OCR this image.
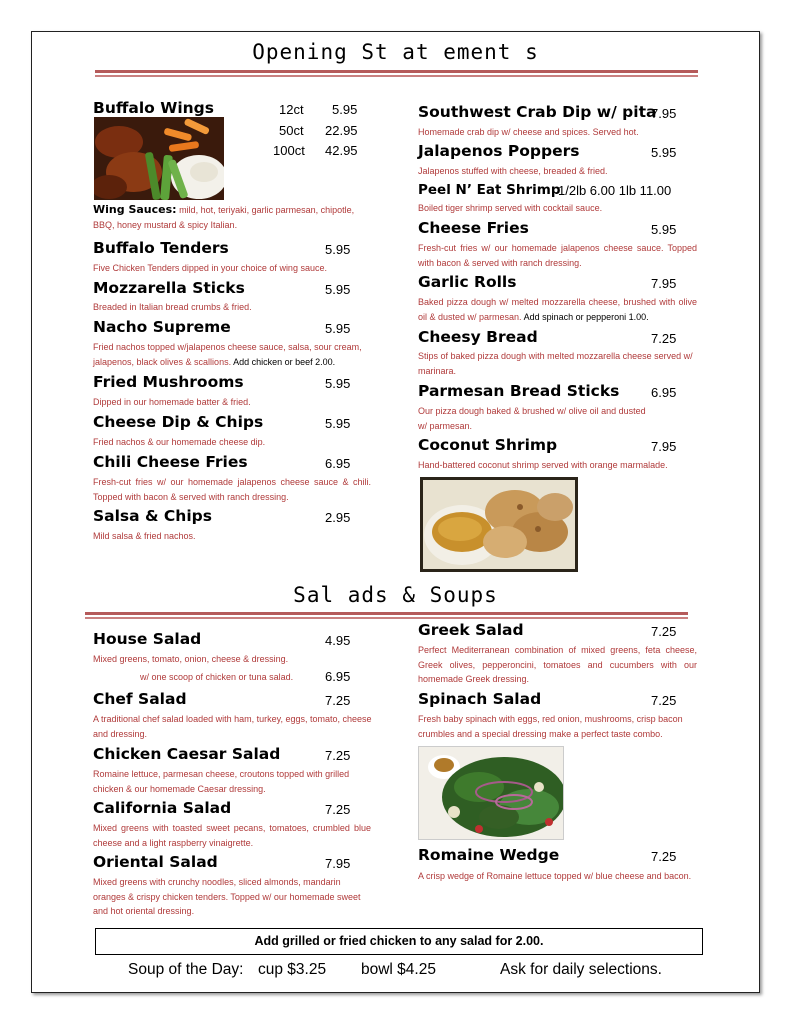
Opening St at ement s
Buffalo Wings	12ct 5.95
50ct 22.95
100ct 42.95
Wing Sauces: mild, hot, teriyaki, garlic parmesan, chipotle,
BBQ, honey mustard & spicy Italian.
Buffalo Tenders	5.95
Five Chicken Tenders dipped in your choice of wing sauce.
Mozzarella Sticks	5.95
Breaded in Italian bread crumbs & fried.
Nacho Supreme	5.95
Fried nachos topped w/jalapenos cheese sauce, salsa, sour cream, jalapenos, black olives & scallions. Add chicken or beef 2.00.
Fried Mushrooms	5.95
Dipped in our homemade batter & fried.
Cheese Dip & Chips	5.95
Fried nachos & our homemade cheese dip.
Chili Cheese Fries	6.95
Fresh-cut fries w/ our homemade jalapenos cheese sauce & chili. Topped with bacon & served with ranch dressing.
Salsa & Chips	2.95
Mild salsa & fried nachos.
Southwest Crab Dip w/ pita
7.95
Homemade crab dip w/ cheese and spices. Served hot.
Jalapenos Poppers	5.95
Jalapenos stuffed with cheese, breaded & fried.
Peel N’ Eat Shrimp
1/2lb 6.00 1lb 11.00
Boiled tiger shrimp served with cocktail sauce.
Cheese Fries	5.95
Fresh-cut fries w/ our homemade jalapenos cheese sauce. Topped with bacon & served with ranch dressing.
Garlic Rolls	7.95
Baked pizza dough w/ melted mozzarella cheese, brushed with olive oil & dusted w/ parmesan. Add spinach or pepperoni 1.00.
Cheesy Bread	7.25
Stips of baked pizza dough with melted mozzarella cheese served w/ marinara.
Parmesan Bread Sticks 6.95
Our pizza dough baked & brushed w/ olive oil and dusted
w/ parmesan.
Coconut Shrimp	7.95
Hand-battered coconut shrimp served with orange marmalade.
Sal ads & Soups
House Salad	4.95
Mixed greens, tomato, onion, cheese & dressing.
w/ one scoop of chicken or tuna salad.	6.95
Chef Salad	7.25
A traditional chef salad loaded with ham, turkey, eggs, tomato, cheese and dressing.
Chicken Caesar Salad	7.25
Romaine lettuce, parmesan cheese, croutons topped with grilled chicken & our homemade Caesar dressing.
California Salad	7.25
Mixed greens with toasted sweet pecans, tomatoes, crumbled blue cheese and a light raspberry vinaigrette.
Oriental Salad	7.95
Mixed greens with crunchy noodles, sliced almonds, mandarin oranges & crispy chicken tenders. Topped w/ our homemade sweet and hot oriental dressing.
Greek Salad	7.25
Perfect Mediterranean combination of mixed greens, feta cheese, Greek olives, pepperoncini, tomatoes and cucumbers with our homemade Greek dressing.
Spinach Salad	7.25
Fresh baby spinach with eggs, red onion, mushrooms, crisp bacon crumbles and a special dressing make a perfect taste combo.
Romaine Wedge	7.25
A crisp wedge of Romaine lettuce topped w/ blue cheese and bacon.
Add grilled or fried chicken to any salad for 2.00.
Soup of the Day: cup $3.25 bowl $4.25	Ask for daily selections.
